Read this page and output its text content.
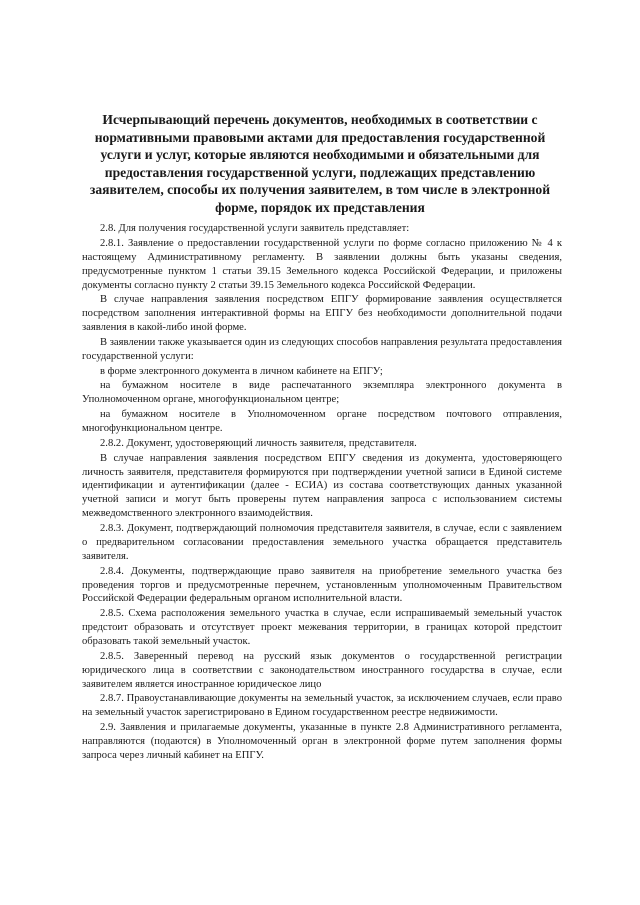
Исчерпывающий перечень документов, необходимых в соответствии с
нормативными правовыми актами для предоставления государственной
услуги и услуг, которые являются необходимыми и обязательными для
предоставления государственной услуги, подлежащих представлению
заявителем, способы их получения заявителем, в том числе в электронной
форме, порядок их представления

2.8. Для получения государственной услуги заявитель представляет:

2.8.1. Заявление о предоставлении государственной услуги по форме согласно приложению № 4 к настоящему Административному регламенту. В заявлении должны быть указаны сведения, предусмотренные пунктом 1 статьи 39.15 Земельного кодекса Российской Федерации, и приложены документы согласно пункту 2 статьи 39.15 Земельного кодекса Российской Федерации.

В случае направления заявления посредством ЕПГУ формирование заявления осуществляется посредством заполнения интерактивной формы на ЕПГУ без необходимости дополнительной подачи заявления в какой-либо иной форме.

В заявлении также указывается один из следующих способов направления результата предоставления государственной услуги:

в форме электронного документа в личном кабинете на ЕПГУ;

на бумажном носителе в виде распечатанного экземпляра электронного документа в Уполномоченном органе, многофункциональном центре;

на бумажном носителе в Уполномоченном органе посредством почтового отправления, многофункциональном центре.

2.8.2. Документ, удостоверяющий личность заявителя, представителя.

В случае направления заявления посредством ЕПГУ сведения из документа, удостоверяющего личность заявителя, представителя формируются при подтверждении учетной записи в Единой системе идентификации и аутентификации (далее - ЕСИА) из состава соответствующих данных указанной учетной записи и могут быть проверены путем направления запроса с использованием системы межведомственного электронного взаимодействия.

2.8.3. Документ, подтверждающий полномочия представителя заявителя, в случае, если с заявлением о предварительном согласовании предоставления земельного участка обращается представитель заявителя.

2.8.4. Документы, подтверждающие право заявителя на приобретение земельного участка без проведения торгов и предусмотренные перечнем, установленным уполномоченным Правительством Российской Федерации федеральным органом исполнительной власти.

2.8.5. Схема расположения земельного участка в случае, если испрашиваемый земельный участок предстоит образовать и отсутствует проект межевания территории, в границах которой предстоит образовать такой земельный участок.

2.8.5. Заверенный перевод на русский язык документов о государственной регистрации юридического лица в соответствии с законодательством иностранного государства в случае, если заявителем является иностранное юридическое лицо

2.8.7. Правоустанавливающие документы на земельный участок, за исключением случаев, если право на земельный участок зарегистрировано в Едином государственном реестре недвижимости.

2.9. Заявления и прилагаемые документы, указанные в пункте 2.8 Административного регламента, направляются (подаются) в Уполномоченный орган в электронной форме путем заполнения формы запроса через личный кабинет на ЕПГУ.
